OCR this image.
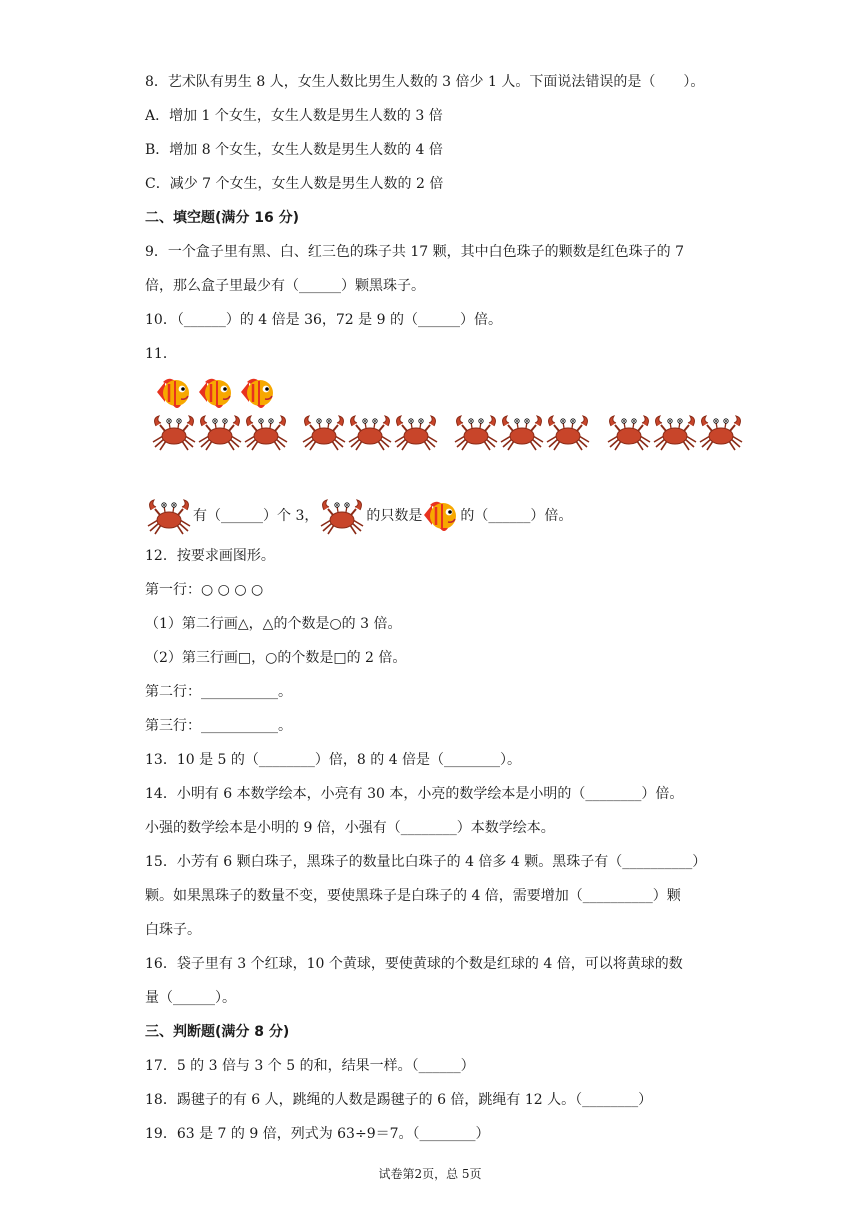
8．艺术队有男生 8 人，女生人数比男生人数的 3 倍少 1 人。下面说法错误的是（　　）。
A．增加 1 个女生，女生人数是男生人数的 3 倍
B．增加 8 个女生，女生人数是男生人数的 4 倍
C．减少 7 个女生，女生人数是男生人数的 2 倍
二、填空题(满分 16 分)
9．一个盒子里有黑、白、红三色的珠子共 17 颗，其中白色珠子的颗数是红色珠子的 7
倍，那么盒子里最少有（______）颗黑珠子。
10．（______）的 4 倍是 36，72 是 9 的（______）倍。
11．
有（______）个 3，	的只数是	的（______）倍。
12．按要求画图形。
第一行：○ ○ ○ ○
（1）第二行画△，△的个数是○的 3 倍。
（2）第三行画□，○的个数是□的 2 倍。
第二行：___________。
第三行：___________。
13．10 是 5 的（________）倍，8 的 4 倍是（________）。
14．小明有 6 本数学绘本，小亮有 30 本，小亮的数学绘本是小明的（________）倍。
小强的数学绘本是小明的 9 倍，小强有（________）本数学绘本。
15．小芳有 6 颗白珠子，黑珠子的数量比白珠子的 4 倍多 4 颗。黑珠子有（__________）
颗。如果黑珠子的数量不变，要使黑珠子是白珠子的 4 倍，需要增加（__________）颗
白珠子。
16．袋子里有 3 个红球，10 个黄球，要使黄球的个数是红球的 4 倍，可以将黄球的数
量（______）。
三、判断题(满分 8 分)
17．5 的 3 倍与 3 个 5 的和，结果一样。（______）
18．踢毽子的有 6 人，跳绳的人数是踢毽子的 6 倍，跳绳有 12 人。（________）
19．63 是 7 的 9 倍，列式为 63÷9＝7。（________）
试卷第2页，总 5页
